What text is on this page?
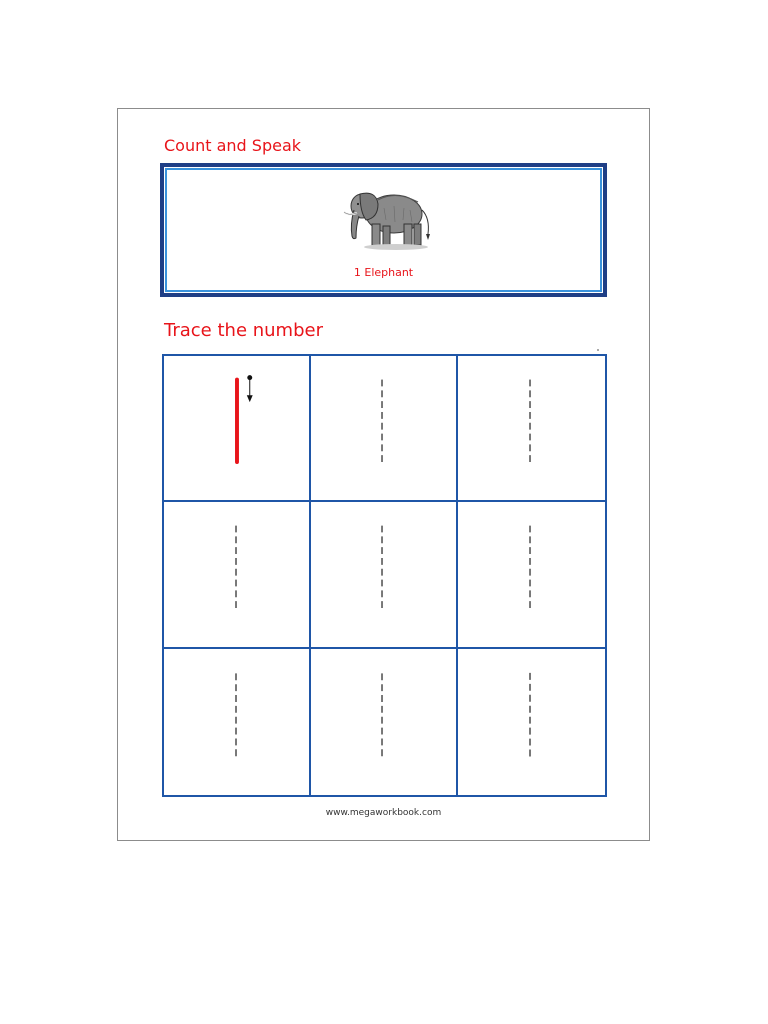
Count and Speak
1 Elephant
Trace the number
www.megaworkbook.com
